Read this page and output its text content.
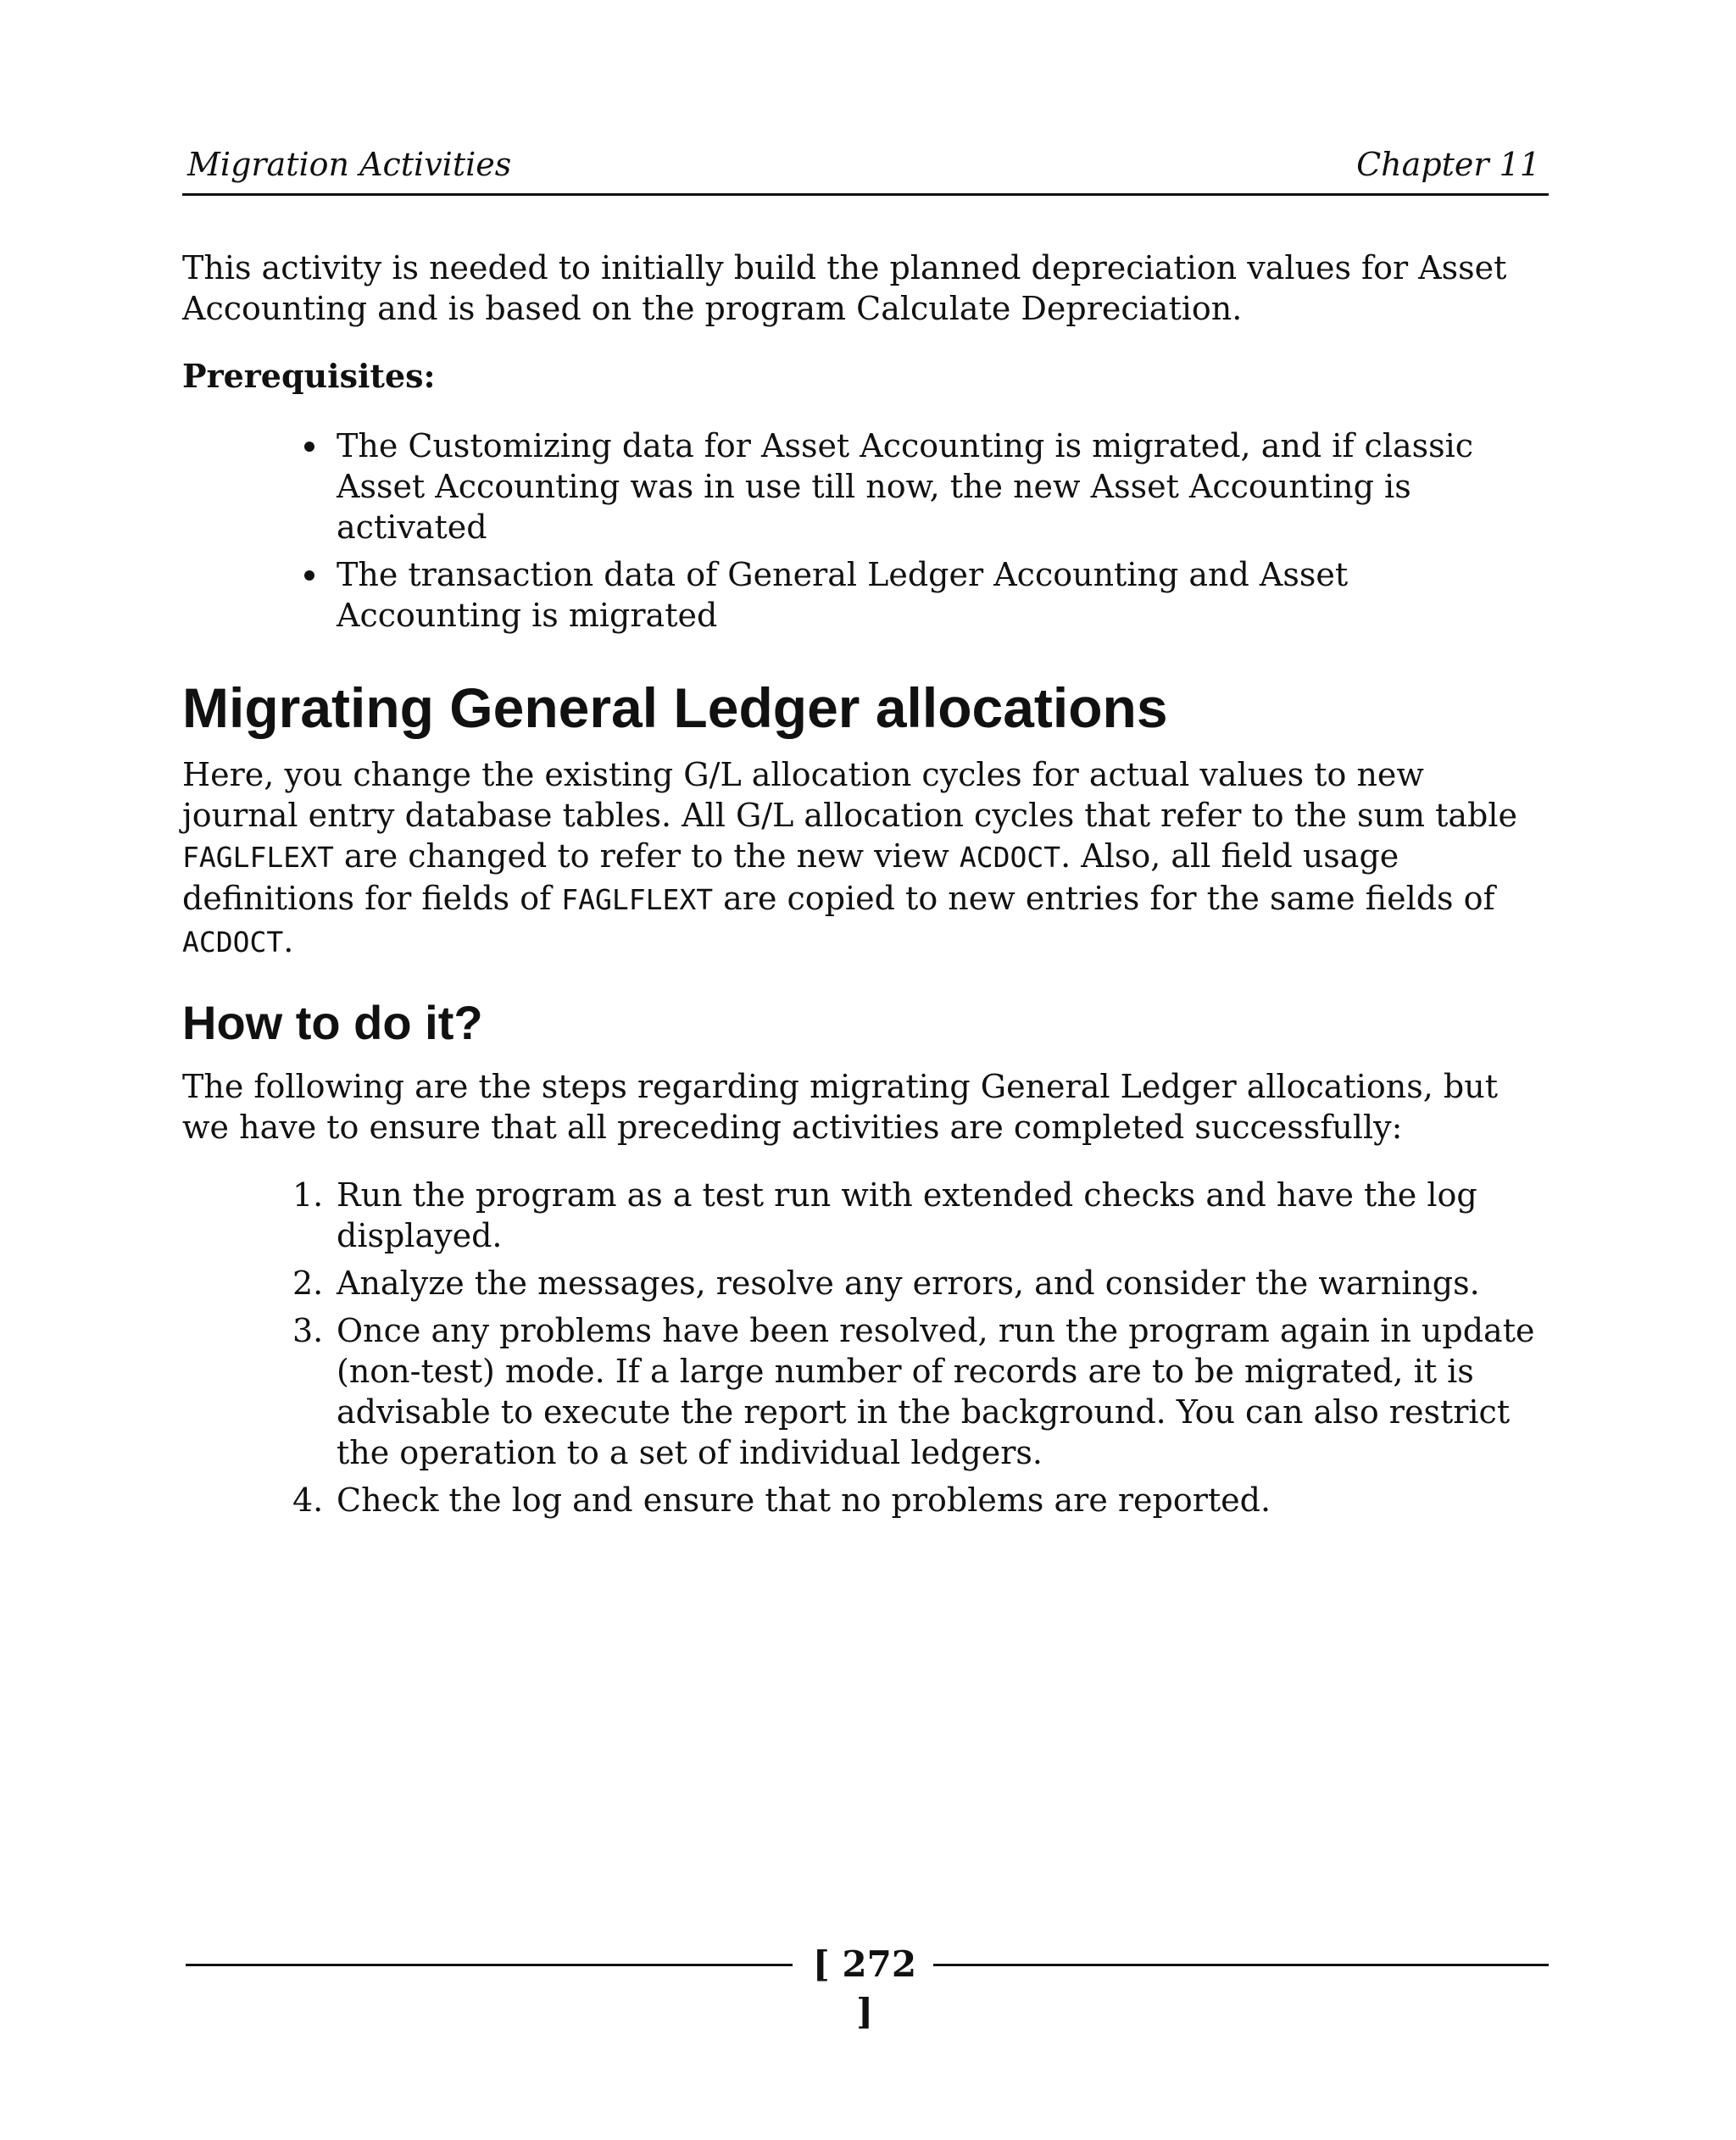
Migration Activities	Chapter 11

This activity is needed to initially build the planned depreciation values for Asset Accounting and is based on the program Calculate Depreciation.

Prerequisites:
The Customizing data for Asset Accounting is migrated, and if classic Asset Accounting was in use till now, the new Asset Accounting is activated
The transaction data of General Ledger Accounting and Asset Accounting is migrated
Migrating General Ledger allocations

Here, you change the existing G/L allocation cycles for actual values to new journal entry database tables. All G/L allocation cycles that refer to the sum table FAGLFLEXT are changed to refer to the new view ACDOCT. Also, all field usage definitions for fields of FAGLFLEXT are copied to new entries for the same fields of ACDOCT.

How to do it?

The following are the steps regarding migrating General Ledger allocations, but we have to ensure that all preceding activities are completed successfully:

1. Run the program as a test run with extended checks and have the log displayed.
2. Analyze the messages, resolve any errors, and consider the warnings.
3. Once any problems have been resolved, run the program again in update (non-test) mode. If a large number of records are to be migrated, it is advisable to execute the report in the background. You can also restrict the operation to a set of individual ledgers.
4. Check the log and ensure that no problems are reported.
[ 272 ]
